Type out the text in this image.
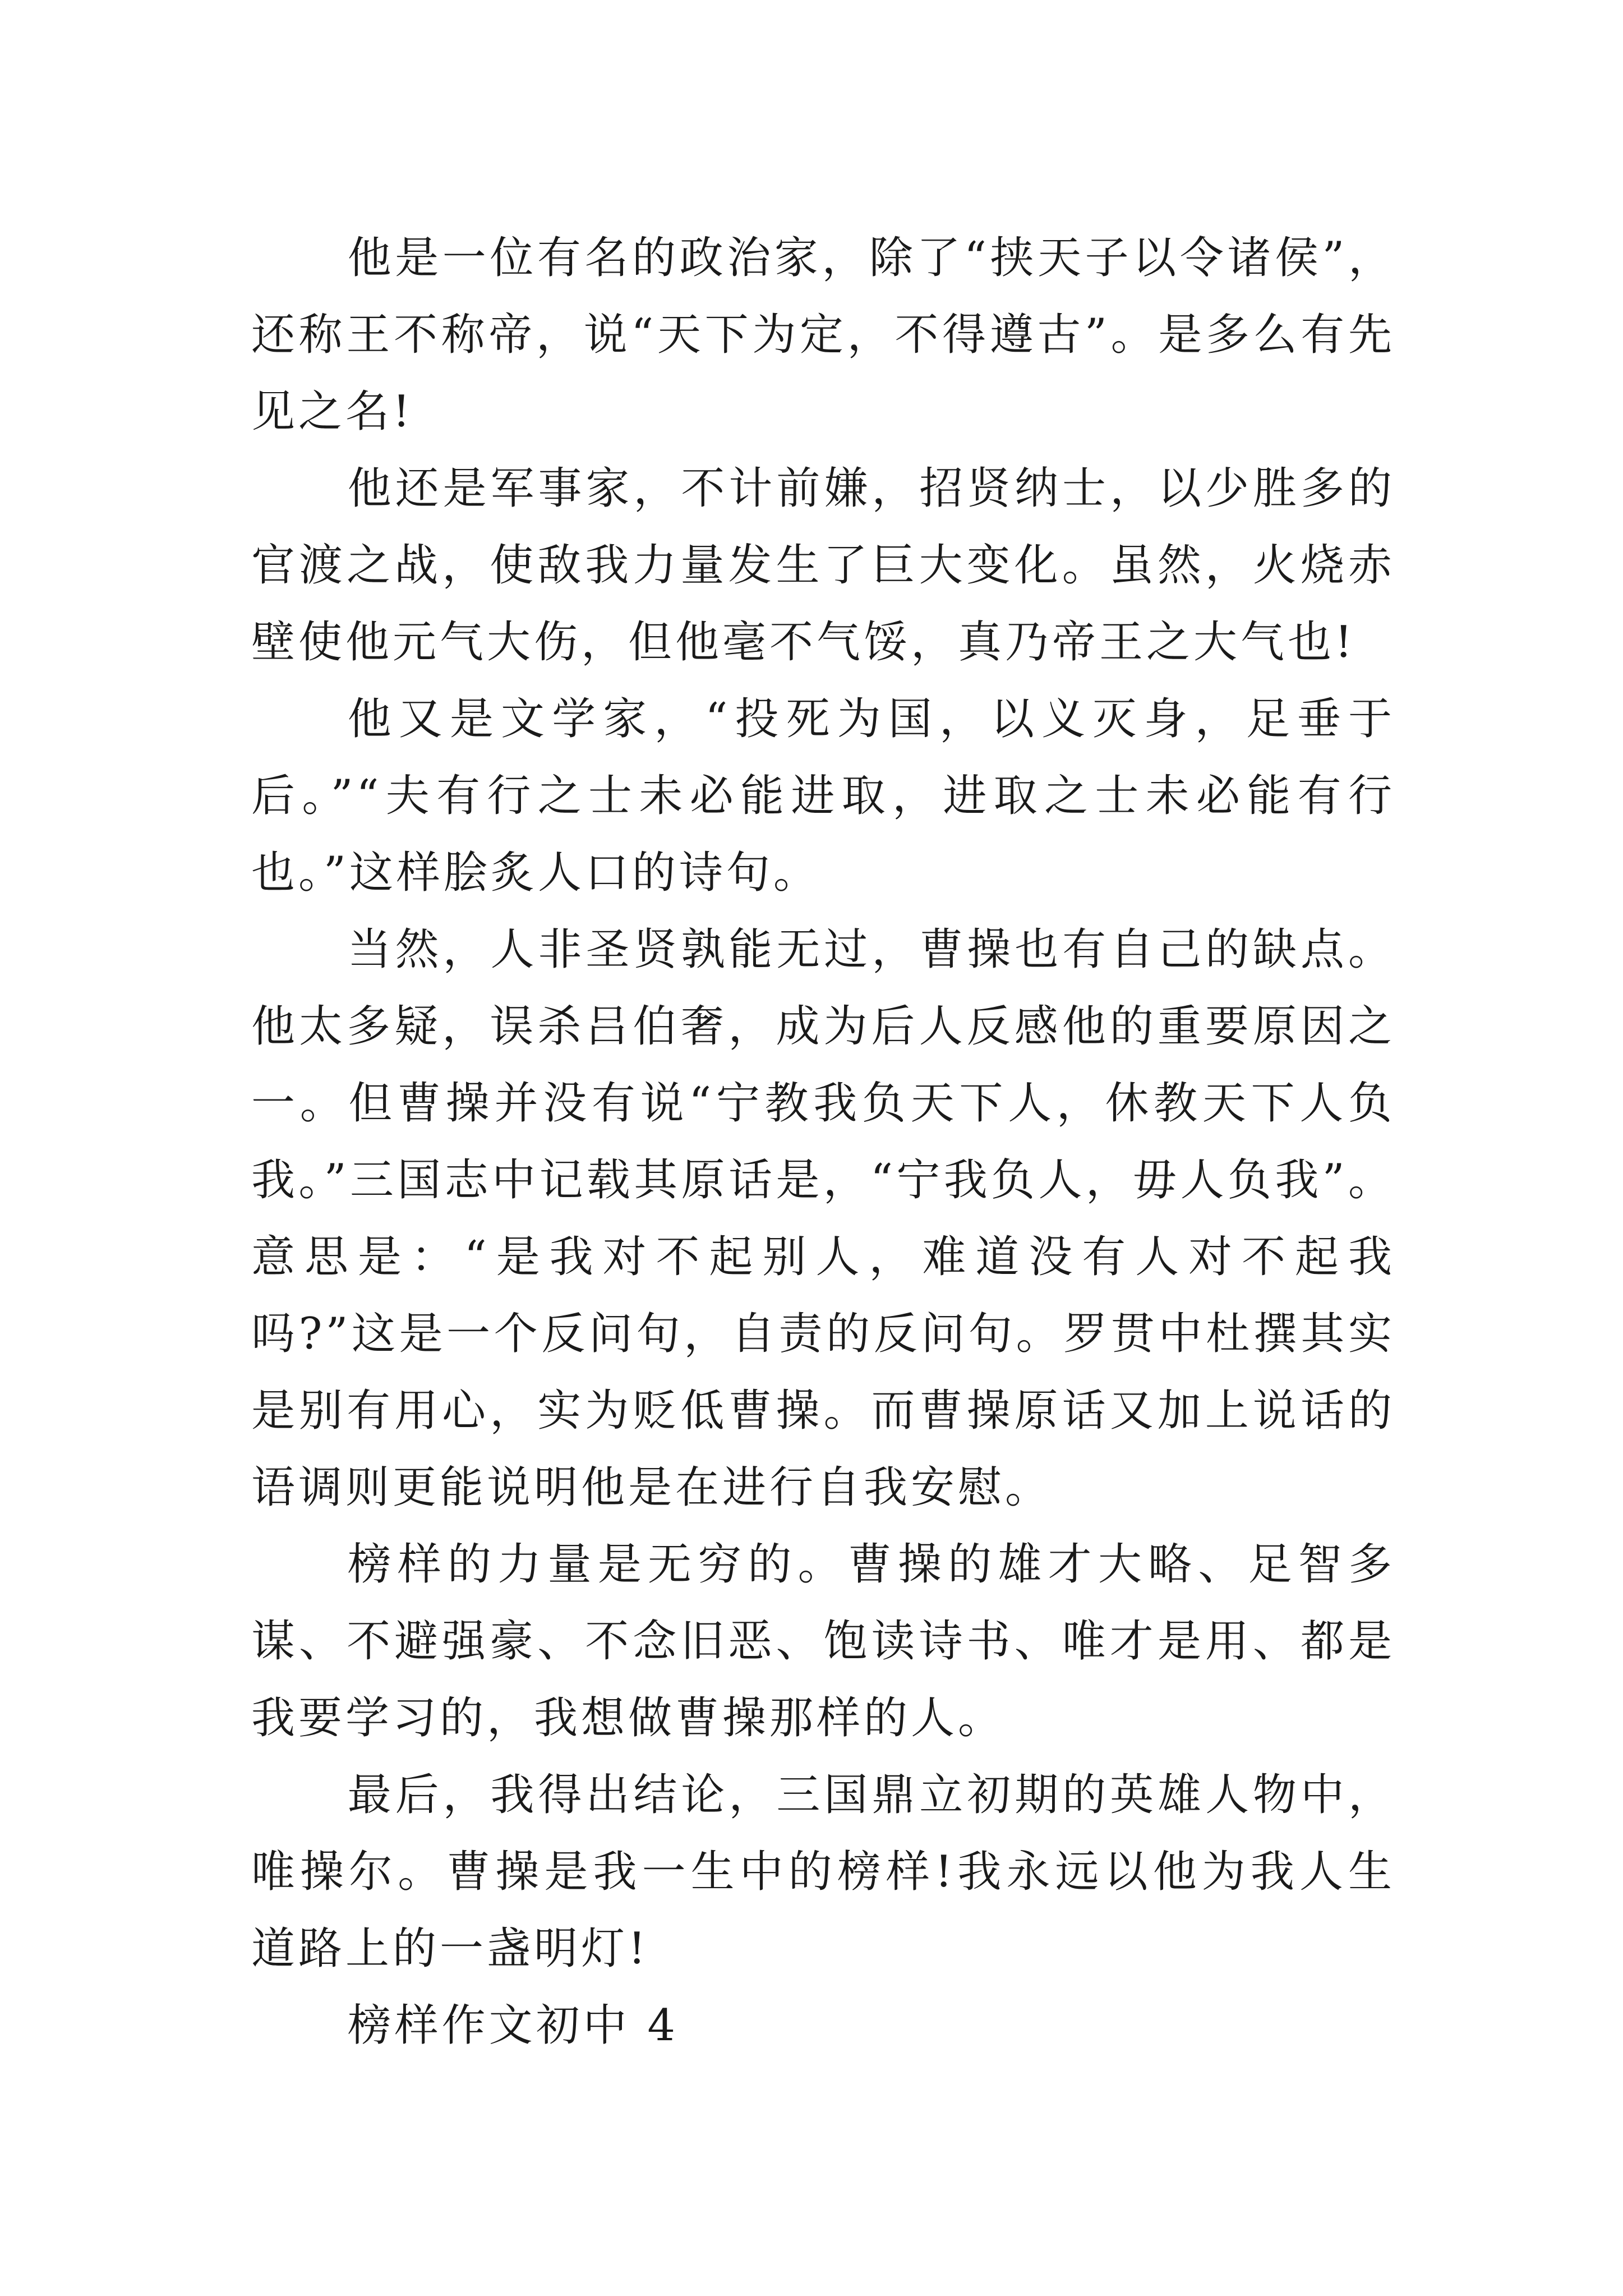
他是一位有名的政治家，除了“挟天子以令诸侯”，还称王不称帝，说“天下为定，不得遵古”。是多么有先见之名!

他还是军事家，不计前嫌，招贤纳士，以少胜多的官渡之战，使敌我力量发生了巨大变化。虽然，火烧赤壁使他元气大伤，但他毫不气馁，真乃帝王之大气也!

他又是文学家，“投死为国，以义灭身，足垂于后。”“夫有行之士未必能进取，进取之士未必能有行也。”这样脍炙人口的诗句。

当然，人非圣贤孰能无过，曹操也有自己的缺点。他太多疑，误杀吕伯奢，成为后人反感他的重要原因之一。但曹操并没有说“宁教我负天下人，休教天下人负我。”三国志中记载其原话是，“宁我负人，毋人负我”。意思是：“是我对不起别人，难道没有人对不起我吗?”这是一个反问句，自责的反问句。罗贯中杜撰其实是别有用心，实为贬低曹操。而曹操原话又加上说话的语调则更能说明他是在进行自我安慰。

榜样的力量是无穷的。曹操的雄才大略、足智多谋、不避强豪、不念旧恶、饱读诗书、唯才是用、都是我要学习的，我想做曹操那样的人。

最后，我得出结论，三国鼎立初期的英雄人物中，唯操尔。曹操是我一生中的榜样!我永远以他为我人生道路上的一盏明灯!

榜样作文初中 4
